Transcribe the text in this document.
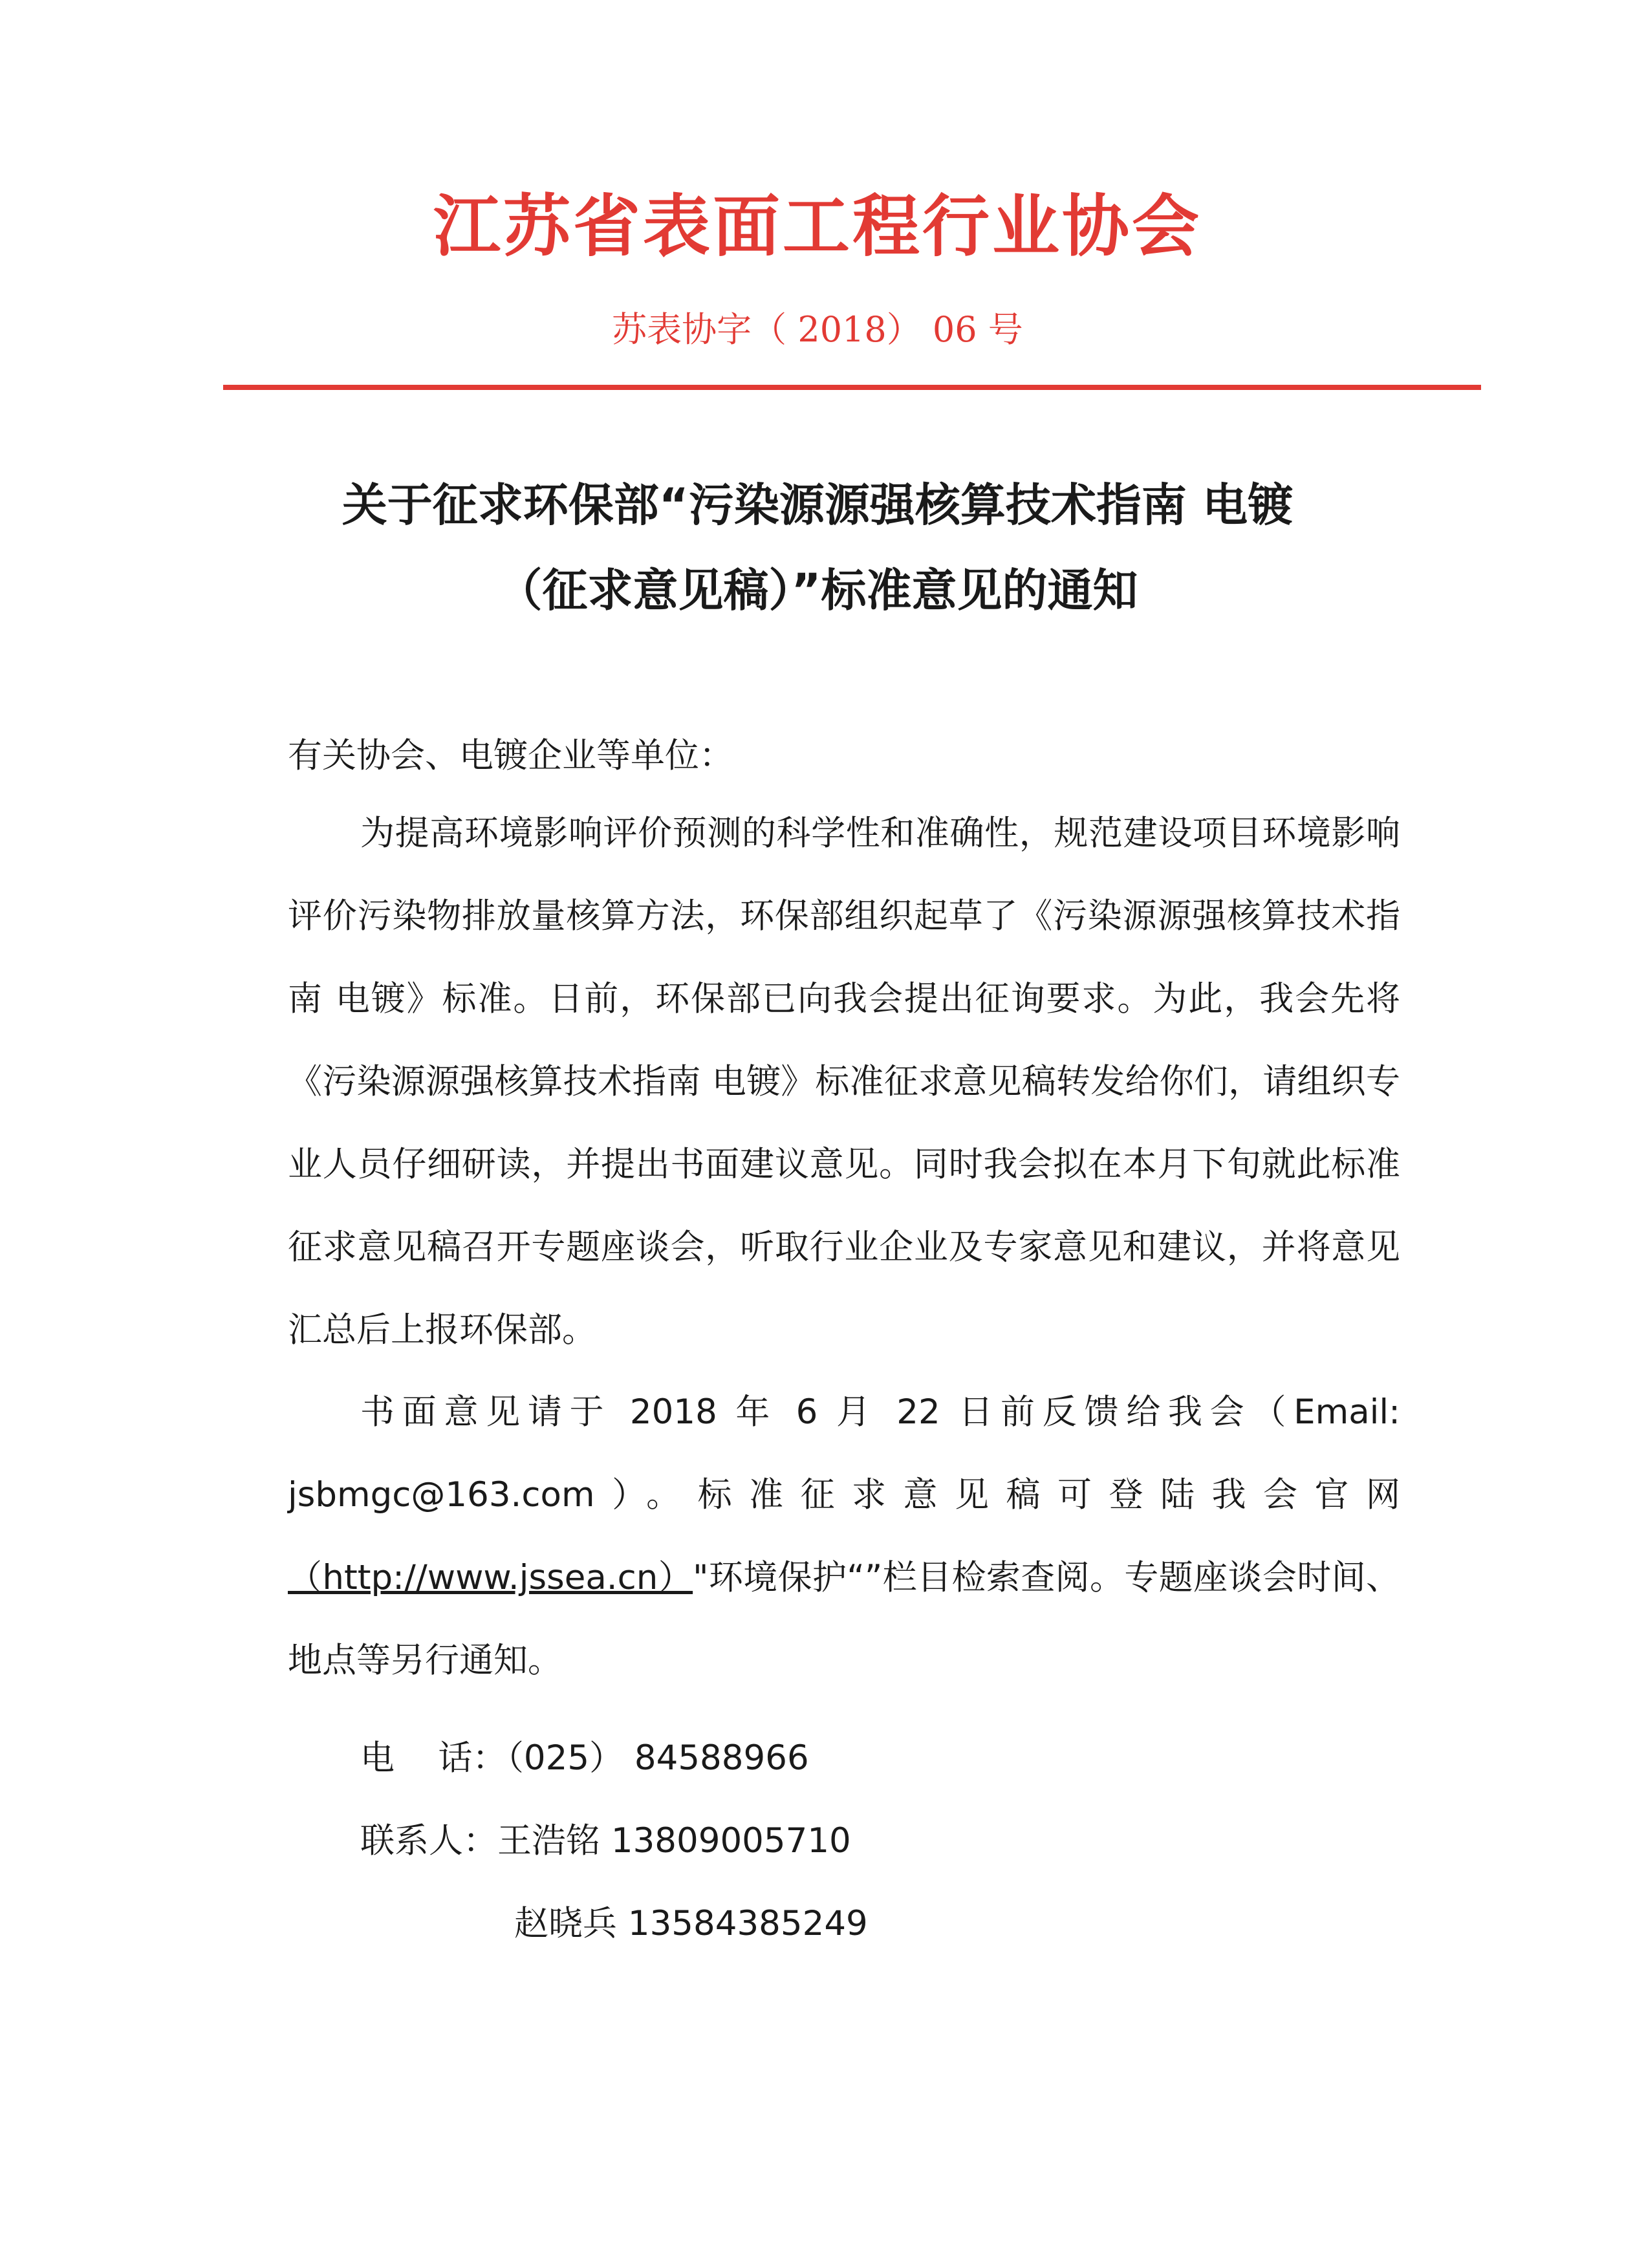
江苏省表面工程行业协会
苏表协字（ 2018） 06 号
关于征求环保部“污染源源强核算技术指南 电镀
（征求意见稿）”标准意见的通知
有关协会、电镀企业等单位：
为提高环境影响评价预测的科学性和准确性，规范建设项目环境影响评价污染物排放量核算方法，环保部组织起草了《污染源源强核算技术指南 电镀》标准。日前，环保部已向我会提出征询要求。为此，我会先将《污染源源强核算技术指南 电镀》标准征求意见稿转发给你们，请组织专业人员仔细研读，并提出书面建议意见。同时我会拟在本月下旬就此标准征求意见稿召开专题座谈会，听取行业企业及专家意见和建议，并将意见汇总后上报环保部。
书面意见请于 2018 年 6 月 22 日前反馈给我会（Email: jsbmgc@163.com）。标准征求意见稿可登陆我会官网（http://www.jssea.cn）"环境保护“”栏目检索查阅。专题座谈会时间、地点等另行通知。
电    话：（025） 84588966
联系人：王浩铭 13809005710
赵晓兵 13584385249
